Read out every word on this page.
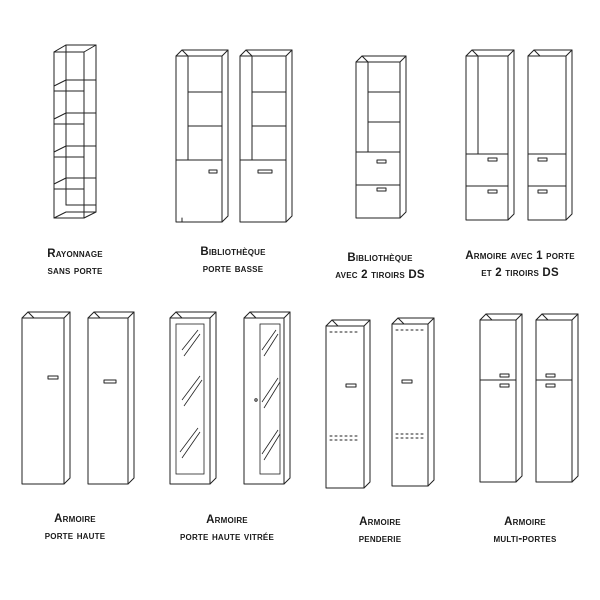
Rayonnage
sans porte
Bibliothèque
porte basse
Bibliothèque
avec 2 tiroirs DS
Armoire avec 1 porte
et 2 tiroirs DS
Armoire
porte haute
Armoire
porte haute vitrée
Armoire
penderie
Armoire
multi-portes
